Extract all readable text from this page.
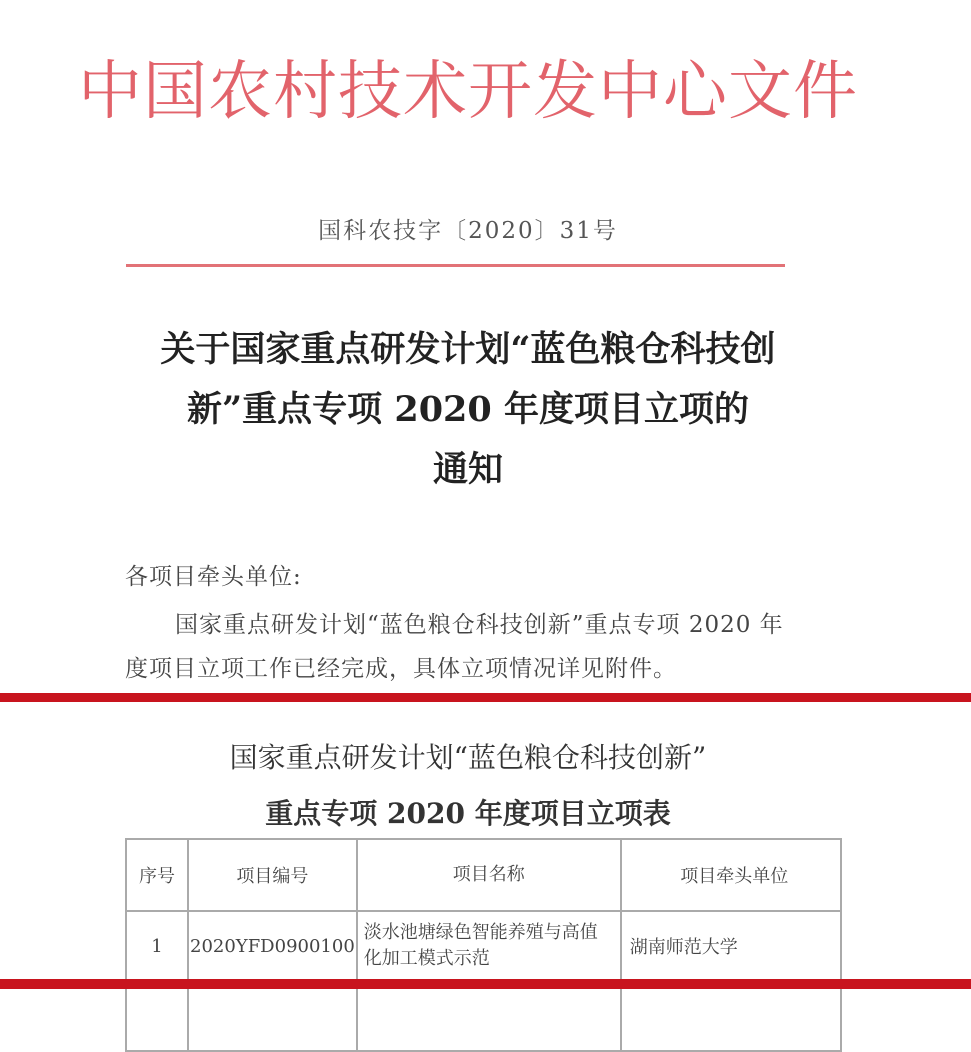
中国农村技术开发中心文件
国科农技字〔2020〕31号
关于国家重点研发计划“蓝色粮仓科技创
新”重点专项 2020 年度项目立项的
通知
各项目牵头单位:
国家重点研发计划“蓝色粮仓科技创新”重点专项 2020 年
度项目立项工作已经完成，具体立项情况详见附件。
国家重点研发计划“蓝色粮仓科技创新”
重点专项 2020 年度项目立项表
序号	项目编号	项目名称	项目牵头单位
1	2020YFD0900100	淡水池塘绿色智能养殖与高值化加工模式示范	湖南师范大学
